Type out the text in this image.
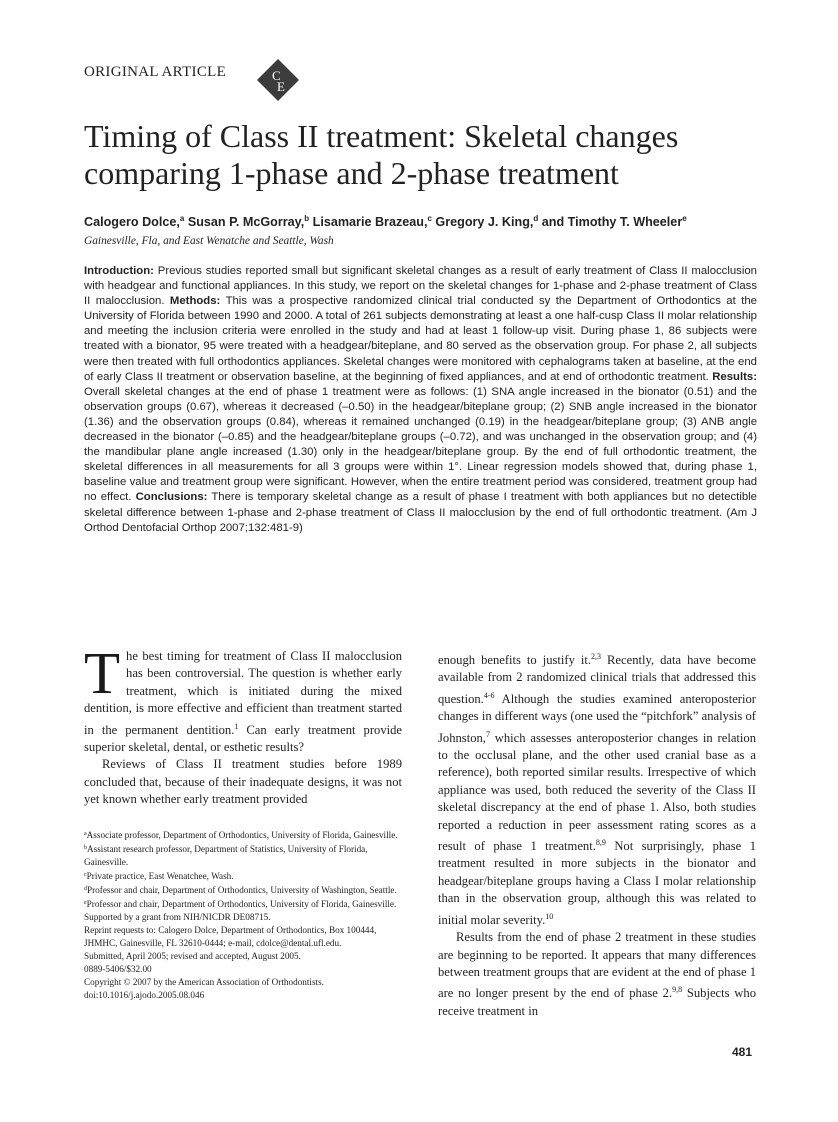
ORIGINAL ARTICLE	C
E
Timing of Class II treatment: Skeletal changes comparing 1-phase and 2-phase treatment
Calogero Dolce,$^a$ Susan P. McGorray,$^b$ Lisamarie Brazeau,$^c$ Gregory J. King,$^d$ and Timothy T. Wheeler$^e$
Gainesville, Fla, and East Wenatche and Seattle, Wash

Introduction: Previous studies reported small but significant skeletal changes as a result of early treatment of Class II malocclusion with headgear and functional appliances. In this study, we report on the skeletal changes for 1-phase and 2-phase treatment of Class II malocclusion. Methods: This was a prospective randomized clinical trial conducted sy the Department of Orthodontics at the University of Florida between 1990 and 2000. A total of 261 subjects demonstrating at least a one half-cusp Class II molar relationship and meeting the inclusion criteria were enrolled in the study and had at least 1 follow-up visit. During phase 1, 86 subjects were treated with a bionator, 95 were treated with a headgear/biteplane, and 80 served as the observation group. For phase 2, all subjects were then treated with full orthodontics appliances. Skeletal changes were monitored with cephalograms taken at baseline, at the end of early Class II treatment or observation baseline, at the beginning of fixed appliances, and at end of orthodontic treatment. Results: Overall skeletal changes at the end of phase 1 treatment were as follows: (1) SNA angle increased in the bionator (0.51) and the observation groups (0.67), whereas it decreased (–0.50) in the headgear/biteplane group; (2) SNB angle increased in the bionator (1.36) and the observation groups (0.84), whereas it remained unchanged (0.19) in the headgear/biteplane group; (3) ANB angle decreased in the bionator (–0.85) and the headgear/biteplane groups (–0.72), and was unchanged in the observation group; and (4) the mandibular plane angle increased (1.30) only in the headgear/biteplane group. By the end of full orthodontic treatment, the skeletal differences in all measurements for all 3 groups were within 1°. Linear regression models showed that, during phase 1, baseline value and treatment group were significant. However, when the entire treatment period was considered, treatment group had no effect. Conclusions: There is temporary skeletal change as a result of phase I treatment with both appliances but no detectible skeletal difference between 1-phase and 2-phase treatment of Class II malocclusion by the end of full orthodontic treatment. (Am J Orthod Dentofacial Orthop 2007;132:481-9)

The best timing for treatment of Class II malocclusion has been controversial. The question is whether early treatment, which is initiated during the mixed dentition, is more effective and efficient than treatment started in the permanent dentition.$^1$ Can early treatment provide superior skeletal, dental, or esthetic results?

Reviews of Class II treatment studies before 1989 concluded that, because of their inadequate designs, it was not yet known whether early treatment provided

$^a$Associate professor, Department of Orthodontics, University of Florida, Gainesville.

$^b$Assistant research professor, Department of Statistics, University of Florida, Gainesville.

$^c$Private practice, East Wenatchee, Wash.

$^d$Professor and chair, Department of Orthodontics, University of Washington, Seattle.

$^e$Professor and chair, Department of Orthodontics, University of Florida, Gainesville.

Supported by a grant from NIH/NICDR DE08715.

Reprint requests to: Calogero Dolce, Department of Orthodontics, Box 100444, JHMHC, Gainesville, FL 32610-0444; e-mail, cdolce@dental.ufl.edu.

Submitted, April 2005; revised and accepted, August 2005.

0889-5406/$32.00

Copyright © 2007 by the American Association of Orthodontists.

doi:10.1016/j.ajodo.2005.08.046

enough benefits to justify it.$^{2,3}$ Recently, data have become available from 2 randomized clinical trials that addressed this question.$^{4-6}$ Although the studies examined anteroposterior changes in different ways (one used the “pitchfork” analysis of Johnston,$^7$ which assesses anteroposterior changes in relation to the occlusal plane, and the other used cranial base as a reference), both reported similar results. Irrespective of which appliance was used, both reduced the severity of the Class II skeletal discrepancy at the end of phase 1. Also, both studies reported a reduction in peer assessment rating scores as a result of phase 1 treatment.$^{8,9}$ Not surprisingly, phase 1 treatment resulted in more subjects in the bionator and headgear/biteplane groups having a Class I molar relationship than in the observation group, although this was related to initial molar severity.$^{10}$

Results from the end of phase 2 treatment in these studies are beginning to be reported. It appears that many differences between treatment groups that are evident at the end of phase 1 are no longer present by the end of phase 2.$^{9,8}$ Subjects who receive treatment in

481
